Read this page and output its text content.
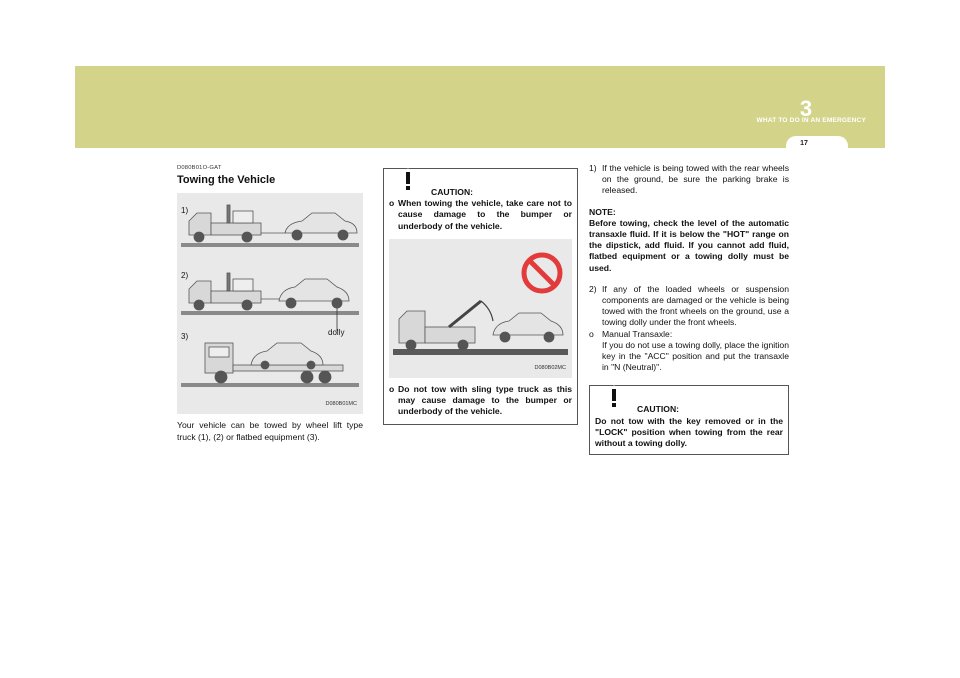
3
WHAT TO DO IN AN EMERGENCY
17
D080B01O-GAT
Towing the Vehicle
1)
2)
3)	dolly
D080B01MC
Your vehicle can be towed by wheel lift type truck (1), (2) or flatbed equipment (3).
CAUTION:
o When towing the vehicle, take care not to cause damage to the bumper or underbody of the vehicle.
D080B02MC
o Do not tow with sling type truck as this may cause damage to the bumper or underbody of the vehicle.
1) If the vehicle is being towed with the rear wheels on the ground, be sure the parking brake is released.
NOTE:
Before towing, check the level of the automatic transaxle fluid. If it is below the "HOT" range on the dipstick, add fluid. If you cannot add fluid, flatbed equipment or a towing dolly must be used.
2) If any of the loaded wheels or suspension components are damaged or the vehicle is being towed with the front wheels on the ground, use a towing dolly under the front wheels.
o Manual Transaxle:
If you do not use a towing dolly, place the ignition key in the "ACC" position and put the transaxle in "N (Neutral)".
CAUTION:
Do not tow with the key removed or in the "LOCK" position when towing from the rear without a towing dolly.
